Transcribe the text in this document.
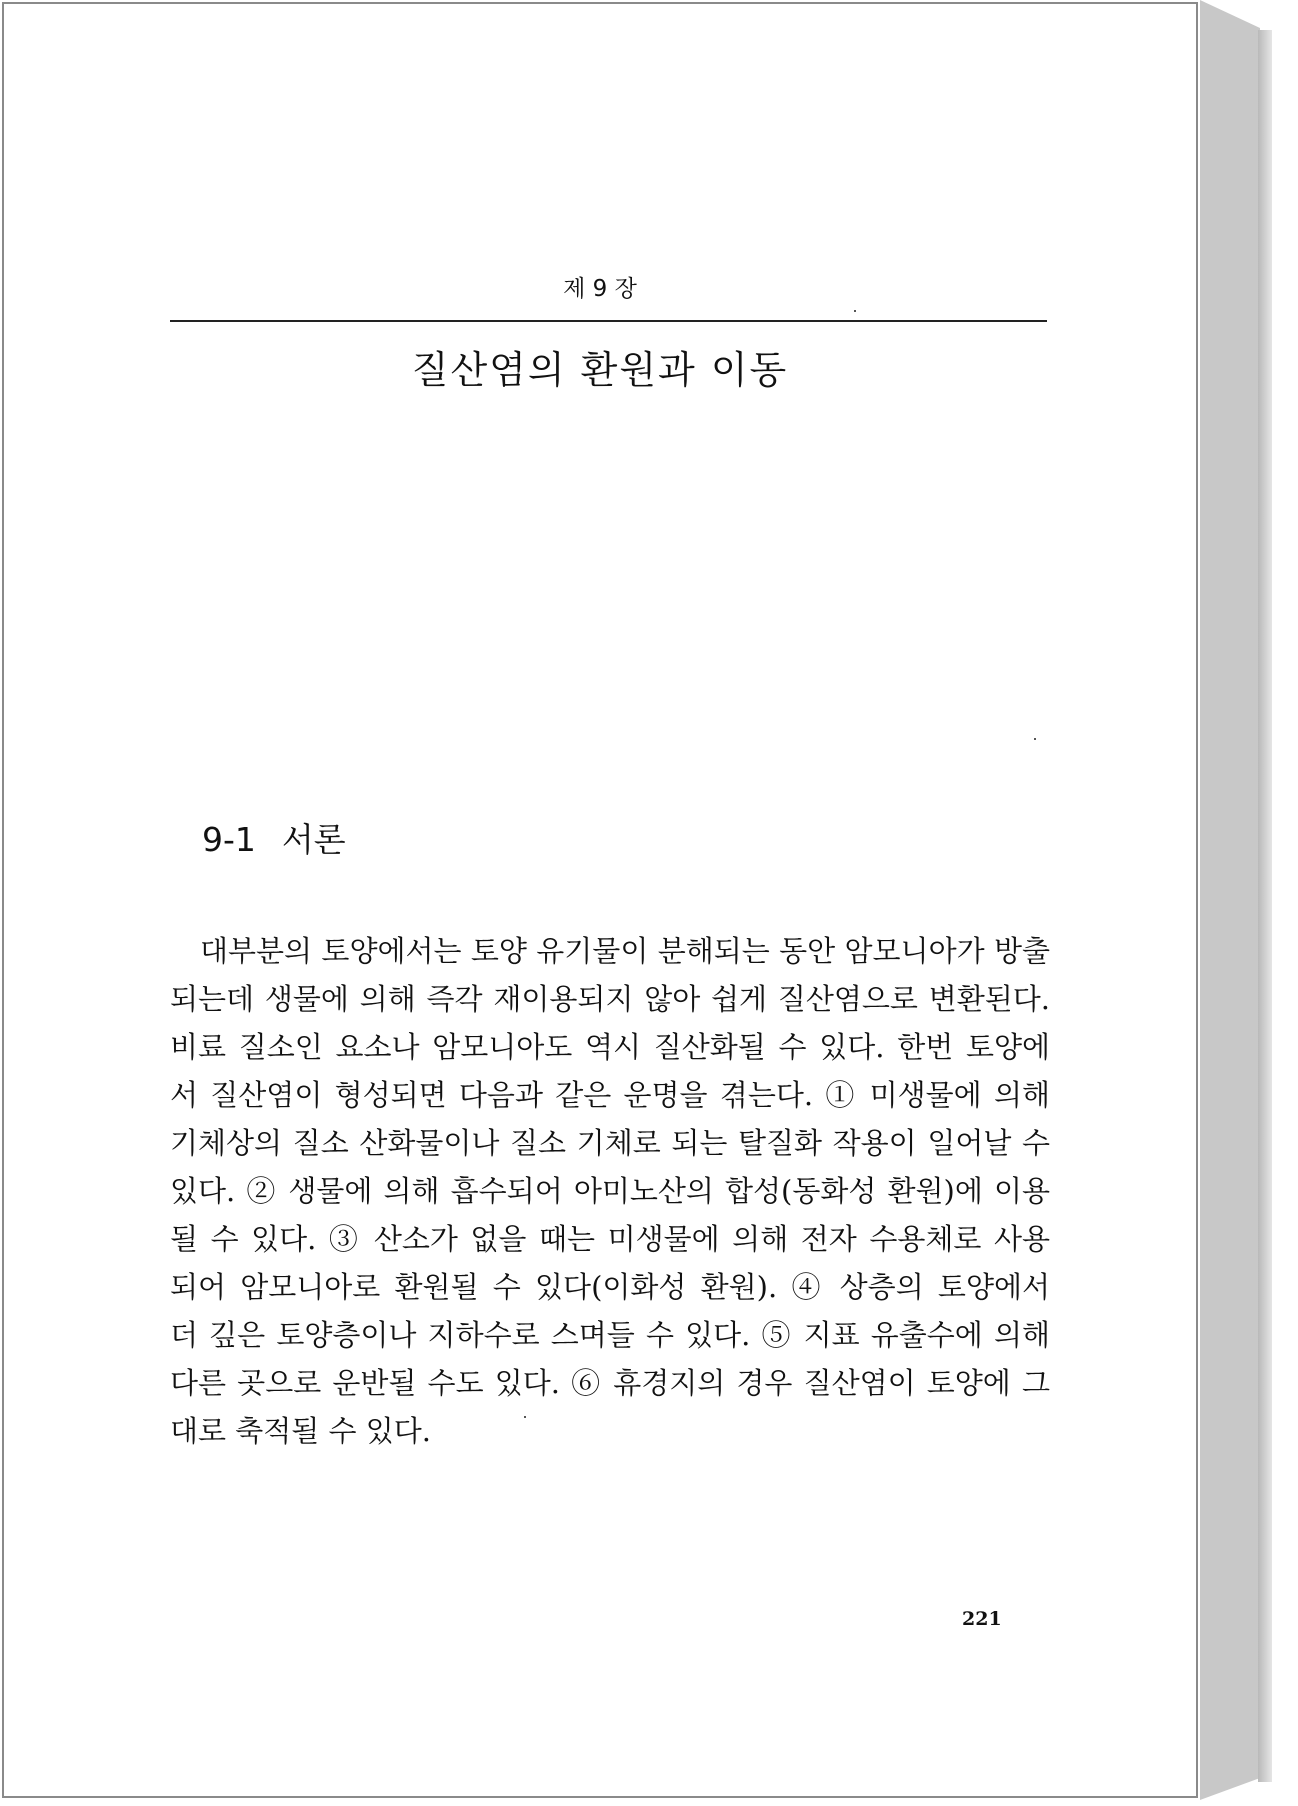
제 9 장
질산염의 환원과 이동
9-1 서론
대부분의 토양에서는 토양 유기물이 분해되는 동안 암모니아가 방출
되는데 생물에 의해 즉각 재이용되지 않아 쉽게 질산염으로 변환된다.
비료 질소인 요소나 암모니아도 역시 질산화될 수 있다. 한번 토양에
서 질산염이 형성되면 다음과 같은 운명을 겪는다. ① 미생물에 의해
기체상의 질소 산화물이나 질소 기체로 되는 탈질화 작용이 일어날 수
있다. ② 생물에 의해 흡수되어 아미노산의 합성(동화성 환원)에 이용
될 수 있다. ③ 산소가 없을 때는 미생물에 의해 전자 수용체로 사용
되어 암모니아로 환원될 수 있다(이화성 환원). ④ 상층의 토양에서
더 깊은 토양층이나 지하수로 스며들 수 있다. ⑤ 지표 유출수에 의해
다른 곳으로 운반될 수도 있다. ⑥ 휴경지의 경우 질산염이 토양에 그
대로 축적될 수 있다.
221
